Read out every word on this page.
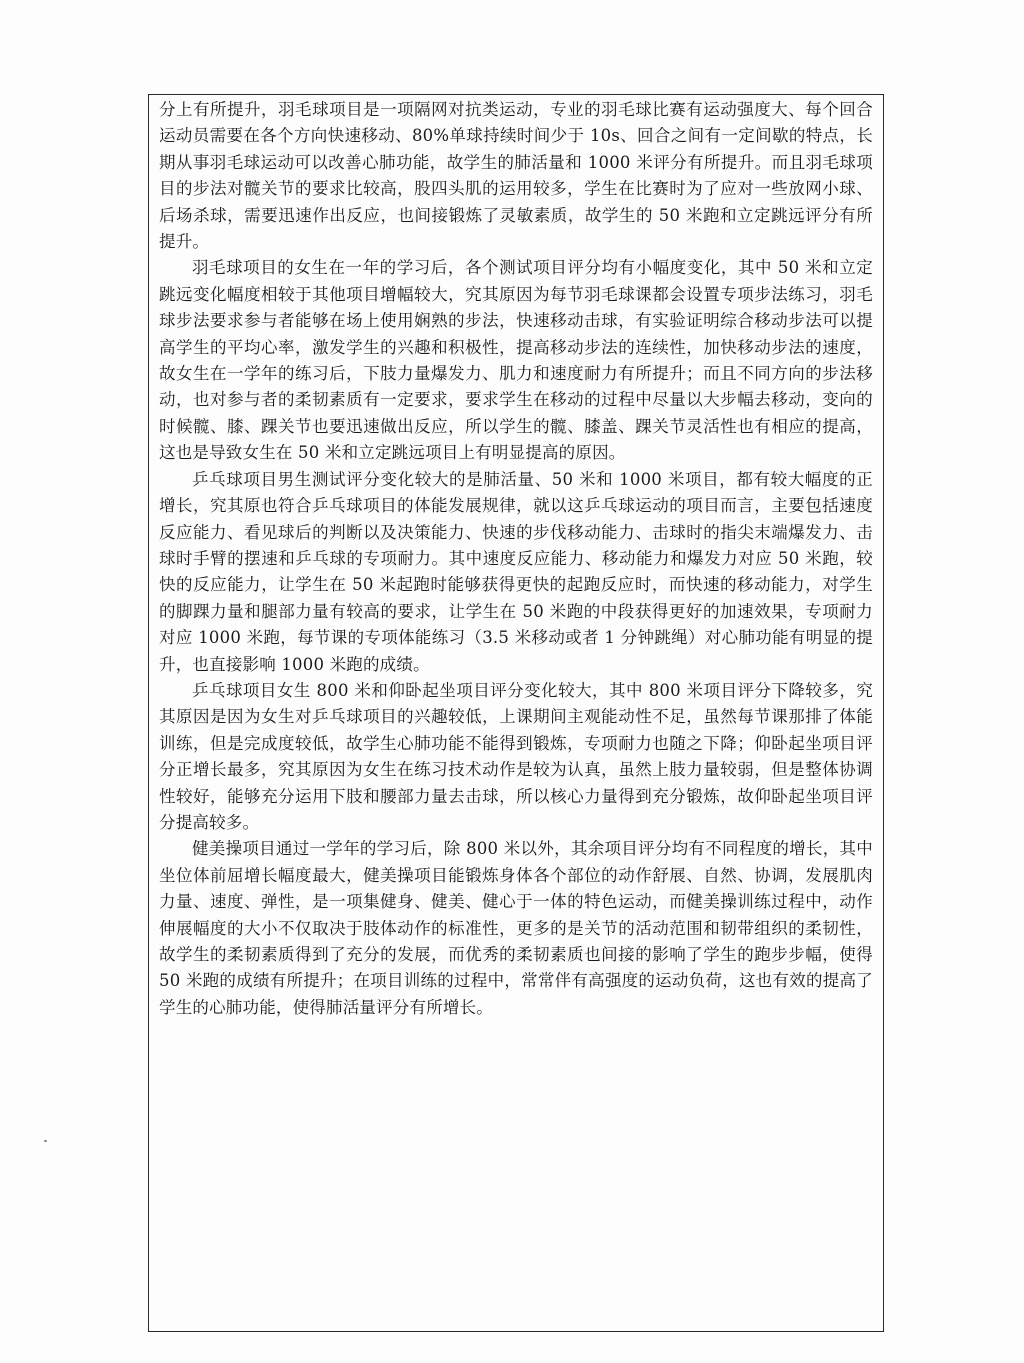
分上有所提升，羽毛球项目是一项隔网对抗类运动，专业的羽毛球比赛有运动强度大、每个回合运动员需要在各个方向快速移动、80%单球持续时间少于 10s、回合之间有一定间歇的特点，长期从事羽毛球运动可以改善心肺功能，故学生的肺活量和 1000 米评分有所提升。而且羽毛球项目的步法对髋关节的要求比较高，股四头肌的运用较多，学生在比赛时为了应对一些放网小球、后场杀球，需要迅速作出反应，也间接锻炼了灵敏素质，故学生的 50 米跑和立定跳远评分有所提升。

羽毛球项目的女生在一年的学习后，各个测试项目评分均有小幅度变化，其中 50 米和立定跳远变化幅度相较于其他项目增幅较大，究其原因为每节羽毛球课都会设置专项步法练习，羽毛球步法要求参与者能够在场上使用娴熟的步法，快速移动击球，有实验证明综合移动步法可以提高学生的平均心率，激发学生的兴趣和积极性，提高移动步法的连续性，加快移动步法的速度，故女生在一学年的练习后，下肢力量爆发力、肌力和速度耐力有所提升；而且不同方向的步法移动，也对参与者的柔韧素质有一定要求，要求学生在移动的过程中尽量以大步幅去移动，变向的时候髋、膝、踝关节也要迅速做出反应，所以学生的髋、膝盖、踝关节灵活性也有相应的提高，这也是导致女生在 50 米和立定跳远项目上有明显提高的原因。

乒乓球项目男生测试评分变化较大的是肺活量、50 米和 1000 米项目，都有较大幅度的正增长，究其原也符合乒乓球项目的体能发展规律，就以这乒乓球运动的项目而言，主要包括速度反应能力、看见球后的判断以及决策能力、快速的步伐移动能力、击球时的指尖末端爆发力、击球时手臂的摆速和乒乓球的专项耐力。其中速度反应能力、移动能力和爆发力对应 50 米跑，较快的反应能力，让学生在 50 米起跑时能够获得更快的起跑反应时，而快速的移动能力，对学生的脚踝力量和腿部力量有较高的要求，让学生在 50 米跑的中段获得更好的加速效果，专项耐力对应 1000 米跑，每节课的专项体能练习（3.5 米移动或者 1 分钟跳绳）对心肺功能有明显的提升，也直接影响 1000 米跑的成绩。

乒乓球项目女生 800 米和仰卧起坐项目评分变化较大，其中 800 米项目评分下降较多，究其原因是因为女生对乒乓球项目的兴趣较低，上课期间主观能动性不足，虽然每节课那排了体能训练，但是完成度较低，故学生心肺功能不能得到锻炼，专项耐力也随之下降；仰卧起坐项目评分正增长最多，究其原因为女生在练习技术动作是较为认真，虽然上肢力量较弱，但是整体协调性较好，能够充分运用下肢和腰部力量去击球，所以核心力量得到充分锻炼，故仰卧起坐项目评分提高较多。

健美操项目通过一学年的学习后，除 800 米以外，其余项目评分均有不同程度的增长，其中坐位体前屈增长幅度最大，健美操项目能锻炼身体各个部位的动作舒展、自然、协调，发展肌肉力量、速度、弹性，是一项集健身、健美、健心于一体的特色运动，而健美操训练过程中，动作伸展幅度的大小不仅取决于肢体动作的标准性，更多的是关节的活动范围和韧带组织的柔韧性，故学生的柔韧素质得到了充分的发展，而优秀的柔韧素质也间接的影响了学生的跑步步幅，使得 50 米跑的成绩有所提升；在项目训练的过程中，常常伴有高强度的运动负荷，这也有效的提高了学生的心肺功能，使得肺活量评分有所增长。
